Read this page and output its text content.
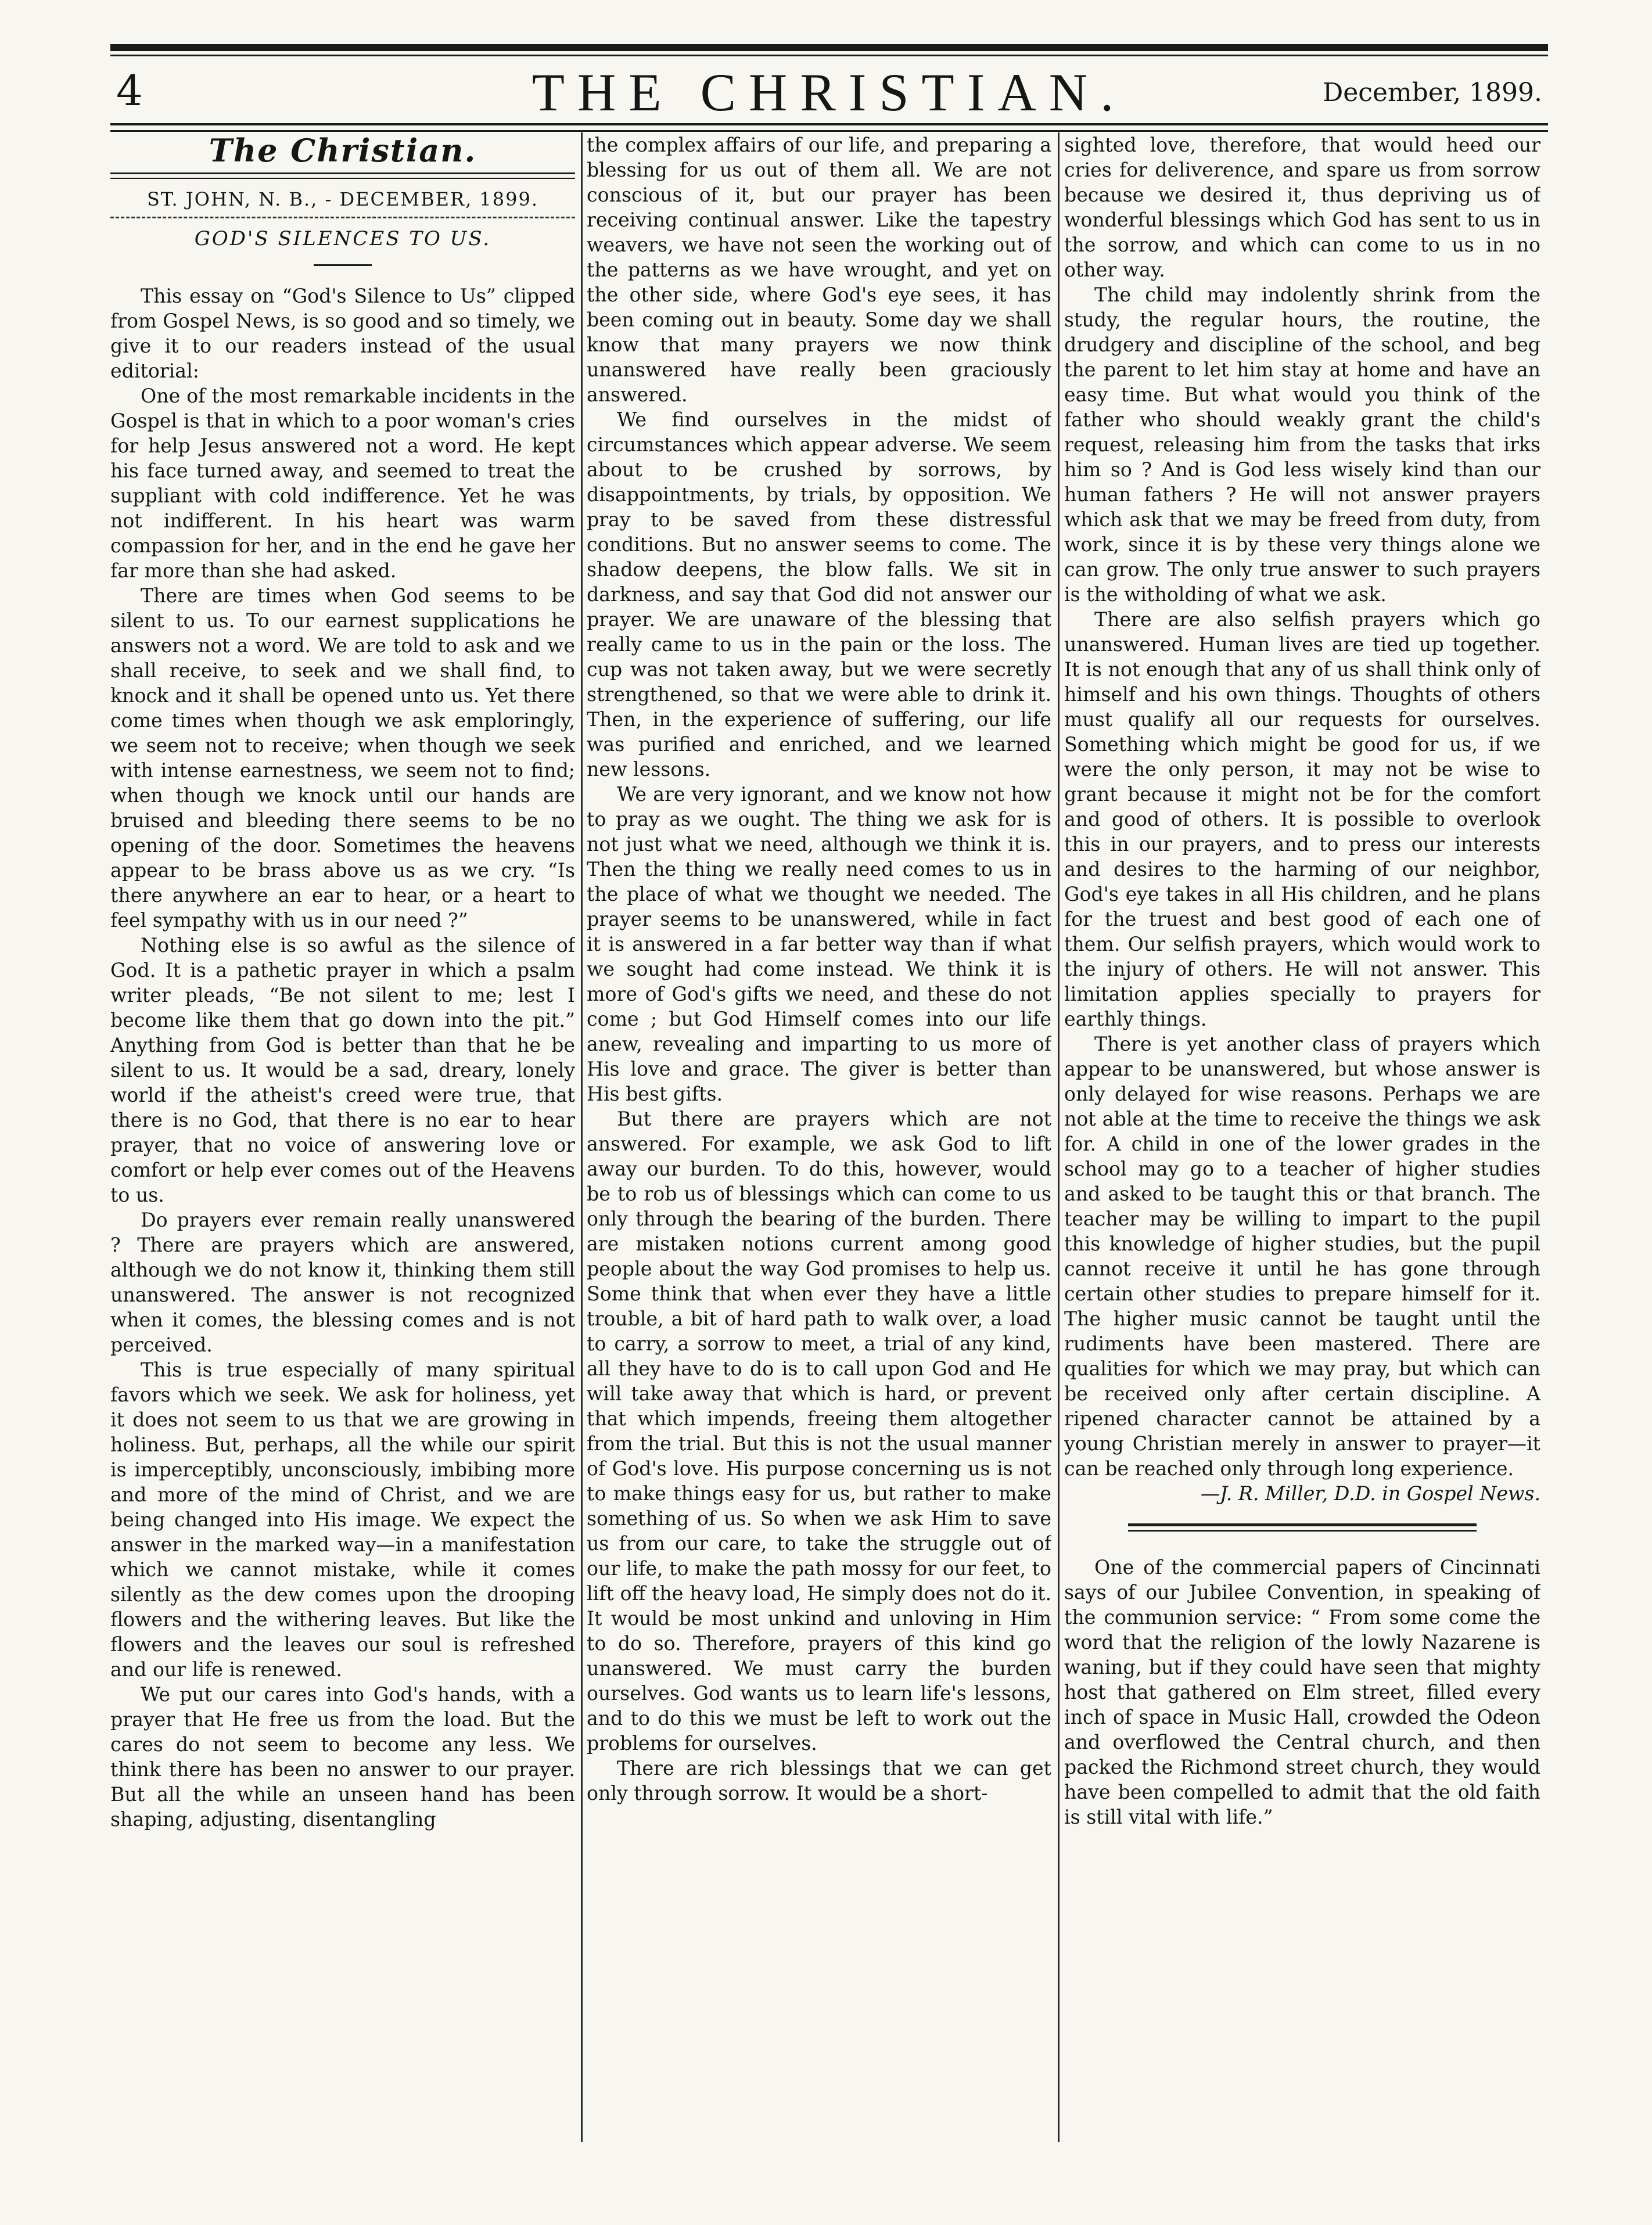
4	THE CHRISTIAN.	December, 1899.
The Christian.
ST. JOHN, N. B., - DECEMBER, 1899.
GOD'S SILENCES TO US.

This essay on “God's Silence to Us” clipped from Gospel News, is so good and so timely, we give it to our readers instead of the usual editorial:

One of the most remarkable incidents in the Gospel is that in which to a poor woman's cries for help Jesus answered not a word. He kept his face turned away, and seemed to treat the suppliant with cold indifference. Yet he was not indifferent. In his heart was warm compassion for her, and in the end he gave her far more than she had asked.

There are times when God seems to be silent to us. To our earnest supplications he answers not a word. We are told to ask and we shall receive, to seek and we shall find, to knock and it shall be opened unto us. Yet there come times when though we ask emploringly, we seem not to receive; when though we seek with intense earnestness, we seem not to find; when though we knock until our hands are bruised and bleeding there seems to be no opening of the door. Sometimes the heavens appear to be brass above us as we cry. “Is there anywhere an ear to hear, or a heart to feel sympathy with us in our need ?”

Nothing else is so awful as the silence of God. It is a pathetic prayer in which a psalm writer pleads, “Be not silent to me; lest I become like them that go down into the pit.” Anything from God is better than that he be silent to us. It would be a sad, dreary, lonely world if the atheist's creed were true, that there is no God, that there is no ear to hear prayer, that no voice of answering love or comfort or help ever comes out of the Heavens to us.

Do prayers ever remain really unanswered ? There are prayers which are answered, although we do not know it, thinking them still unanswered. The answer is not recognized when it comes, the blessing comes and is not perceived.

This is true especially of many spiritual favors which we seek. We ask for holiness, yet it does not seem to us that we are growing in holiness. But, perhaps, all the while our spirit is imperceptibly, unconsciously, imbibing more and more of the mind of Christ, and we are being changed into His image. We expect the answer in the marked way—in a manifestation which we cannot mistake, while it comes silently as the dew comes upon the drooping flowers and the withering leaves. But like the flowers and the leaves our soul is refreshed and our life is renewed.

We put our cares into God's hands, with a prayer that He free us from the load. But the cares do not seem to become any less. We think there has been no answer to our prayer. But all the while an unseen hand has been shaping, adjusting, disentangling

the complex affairs of our life, and preparing a blessing for us out of them all. We are not conscious of it, but our prayer has been receiving continual answer. Like the tapestry weavers, we have not seen the working out of the patterns as we have wrought, and yet on the other side, where God's eye sees, it has been coming out in beauty. Some day we shall know that many prayers we now think unanswered have really been graciously answered.

We find ourselves in the midst of circumstances which appear adverse. We seem about to be crushed by sorrows, by disappointments, by trials, by opposition. We pray to be saved from these distressful conditions. But no answer seems to come. The shadow deepens, the blow falls. We sit in darkness, and say that God did not answer our prayer. We are unaware of the blessing that really came to us in the pain or the loss. The cup was not taken away, but we were secretly strengthened, so that we were able to drink it. Then, in the experience of suffering, our life was purified and enriched, and we learned new lessons.

We are very ignorant, and we know not how to pray as we ought. The thing we ask for is not just what we need, although we think it is. Then the thing we really need comes to us in the place of what we thought we needed. The prayer seems to be unanswered, while in fact it is answered in a far better way than if what we sought had come instead. We think it is more of God's gifts we need, and these do not come ; but God Himself comes into our life anew, revealing and imparting to us more of His love and grace. The giver is better than His best gifts.

But there are prayers which are not answered. For example, we ask God to lift away our burden. To do this, however, would be to rob us of blessings which can come to us only through the bearing of the burden. There are mistaken notions current among good people about the way God promises to help us. Some think that when ever they have a little trouble, a bit of hard path to walk over, a load to carry, a sorrow to meet, a trial of any kind, all they have to do is to call upon God and He will take away that which is hard, or prevent that which impends, freeing them altogether from the trial. But this is not the usual manner of God's love. His purpose concerning us is not to make things easy for us, but rather to make something of us. So when we ask Him to save us from our care, to take the struggle out of our life, to make the path mossy for our feet, to lift off the heavy load, He simply does not do it. It would be most unkind and unloving in Him to do so. Therefore, prayers of this kind go unanswered. We must carry the burden ourselves. God wants us to learn life's lessons, and to do this we must be left to work out the problems for ourselves.

There are rich blessings that we can get only through sorrow. It would be a short-

sighted love, therefore, that would heed our cries for deliverence, and spare us from sorrow because we desired it, thus depriving us of wonderful blessings which God has sent to us in the sorrow, and which can come to us in no other way.

The child may indolently shrink from the study, the regular hours, the routine, the drudgery and discipline of the school, and beg the parent to let him stay at home and have an easy time. But what would you think of the father who should weakly grant the child's request, releasing him from the tasks that irks him so ? And is God less wisely kind than our human fathers ? He will not answer prayers which ask that we may be freed from duty, from work, since it is by these very things alone we can grow. The only true answer to such prayers is the witholding of what we ask.

There are also selfish prayers which go unanswered. Human lives are tied up together. It is not enough that any of us shall think only of himself and his own things. Thoughts of others must qualify all our requests for ourselves. Something which might be good for us, if we were the only person, it may not be wise to grant because it might not be for the comfort and good of others. It is possible to overlook this in our prayers, and to press our interests and desires to the harming of our neighbor, God's eye takes in all His children, and he plans for the truest and best good of each one of them. Our selfish prayers, which would work to the injury of others. He will not answer. This limitation applies specially to prayers for earthly things.

There is yet another class of prayers which appear to be unanswered, but whose answer is only delayed for wise reasons. Perhaps we are not able at the time to receive the things we ask for. A child in one of the lower grades in the school may go to a teacher of higher studies and asked to be taught this or that branch. The teacher may be willing to impart to the pupil this knowledge of higher studies, but the pupil cannot receive it until he has gone through certain other studies to prepare himself for it. The higher music cannot be taught until the rudiments have been mastered. There are qualities for which we may pray, but which can be received only after certain discipline. A ripened character cannot be attained by a young Christian merely in answer to prayer—it can be reached only through long experience.

—J. R. Miller, D.D. in Gospel News.

One of the commercial papers of Cincinnati says of our Jubilee Convention, in speaking of the communion service: “ From some come the word that the religion of the lowly Nazarene is waning, but if they could have seen that mighty host that gathered on Elm street, filled every inch of space in Music Hall, crowded the Odeon and overflowed the Central church, and then packed the Richmond street church, they would have been compelled to admit that the old faith is still vital with life.”
